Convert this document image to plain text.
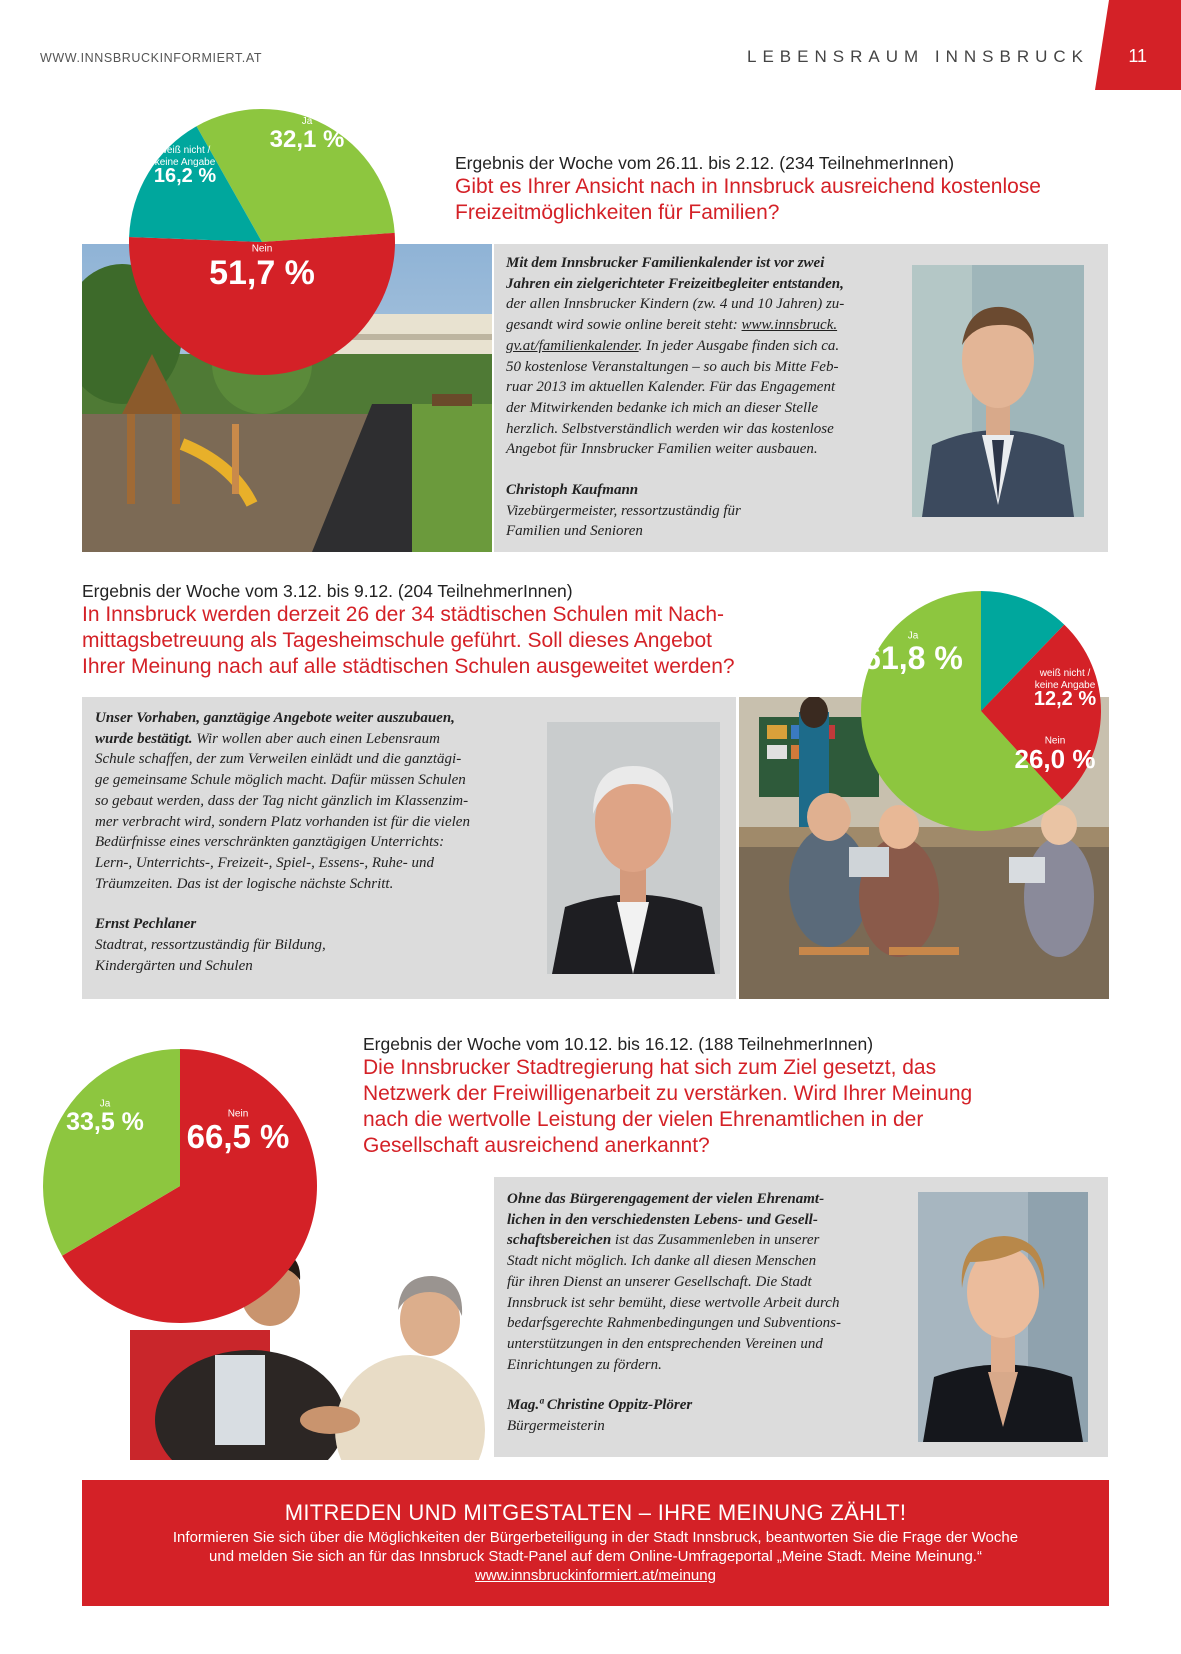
WWW.INNSBRUCKINFORMIERT.AT	LEBENSRAUM INNSBRUCK 11
Ja
32,1 %
Nein
51,7 %
weiß nicht /
keine Angabe
16,2 %
Ergebnis der Woche vom 26.11. bis 2.12. (234 TeilnehmerInnen)
Gibt es Ihrer Ansicht nach in Innsbruck ausreichend kostenlose
Freizeitmöglichkeiten für Familien?
Mit dem Innsbrucker Familienkalender ist vor zwei
Jahren ein zielgerichteter Freizeitbegleiter entstanden,
der allen Innsbrucker Kindern (zw. 4 und 10 Jahren) zu-
gesandt wird sowie online bereit steht: www.innsbruck.
gv.at/familienkalender. In jeder Ausgabe finden sich ca.
50 kostenlose Veranstaltungen – so auch bis Mitte Feb-
ruar 2013 im aktuellen Kalender. Für das Engagement
der Mitwirkenden bedanke ich mich an dieser Stelle
herzlich. Selbstverständlich werden wir das kostenlose
Angebot für Innsbrucker Familien weiter ausbauen.
Christoph Kaufmann
Vizebürgermeister, ressortzuständig für
Familien und Senioren
Ergebnis der Woche vom 3.12. bis 9.12. (204 TeilnehmerInnen)
In Innsbruck werden derzeit 26 der 34 städtischen Schulen mit Nach-
mittagsbetreuung als Tagesheimschule geführt. Soll dieses Angebot
Ihrer Meinung nach auf alle städtischen Schulen ausgeweitet werden?
Unser Vorhaben, ganztägige Angebote weiter auszubauen,
wurde bestätigt. Wir wollen aber auch einen Lebensraum
Schule schaffen, der zum Verweilen einlädt und die ganztägi-
ge gemeinsame Schule möglich macht. Dafür müssen Schulen
so gebaut werden, dass der Tag nicht gänzlich im Klassenzim-
mer verbracht wird, sondern Platz vorhanden ist für die vielen
Bedürfnisse eines verschränkten ganztägigen Unterrichts:
Lern-, Unterrichts-, Freizeit-, Spiel-, Essens-, Ruhe- und
Träumzeiten. Das ist der logische nächste Schritt.
Ernst Pechlaner
Stadtrat, ressortzuständig für Bildung,
Kindergärten und Schulen
weiß nicht /
keine Angabe
12,2 %
Nein
26,0 %
Ja
61,8 %
Ergebnis der Woche vom 10.12. bis 16.12. (188 TeilnehmerInnen)
Die Innsbrucker Stadtregierung hat sich zum Ziel gesetzt, das
Netzwerk der Freiwilligenarbeit zu verstärken. Wird Ihrer Meinung
nach die wertvolle Leistung der vielen Ehrenamtlichen in der
Gesellschaft ausreichend anerkannt?
Nein
66,5 %
Ja
33,5 %
Ohne das Bürgerengagement der vielen Ehrenamt-
lichen in den verschiedensten Lebens- und Gesell-
schaftsbereichen ist das Zusammenleben in unserer
Stadt nicht möglich. Ich danke all diesen Menschen
für ihren Dienst an unserer Gesellschaft. Die Stadt
Innsbruck ist sehr bemüht, diese wertvolle Arbeit durch
bedarfsgerechte Rahmenbedingungen und Subventions-
unterstützungen in den entsprechenden Vereinen und
Einrichtungen zu fördern.
Mag.ª Christine Oppitz-Plörer
Bürgermeisterin
MITREDEN UND MITGESTALTEN – IHRE MEINUNG ZÄHLT!
Informieren Sie sich über die Möglichkeiten der Bürgerbeteiligung in der Stadt Innsbruck, beantworten Sie die Frage der Woche
und melden Sie sich an für das Innsbruck Stadt-Panel auf dem Online-Umfrageportal „Meine Stadt. Meine Meinung.“
www.innsbruckinformiert.at/meinung
